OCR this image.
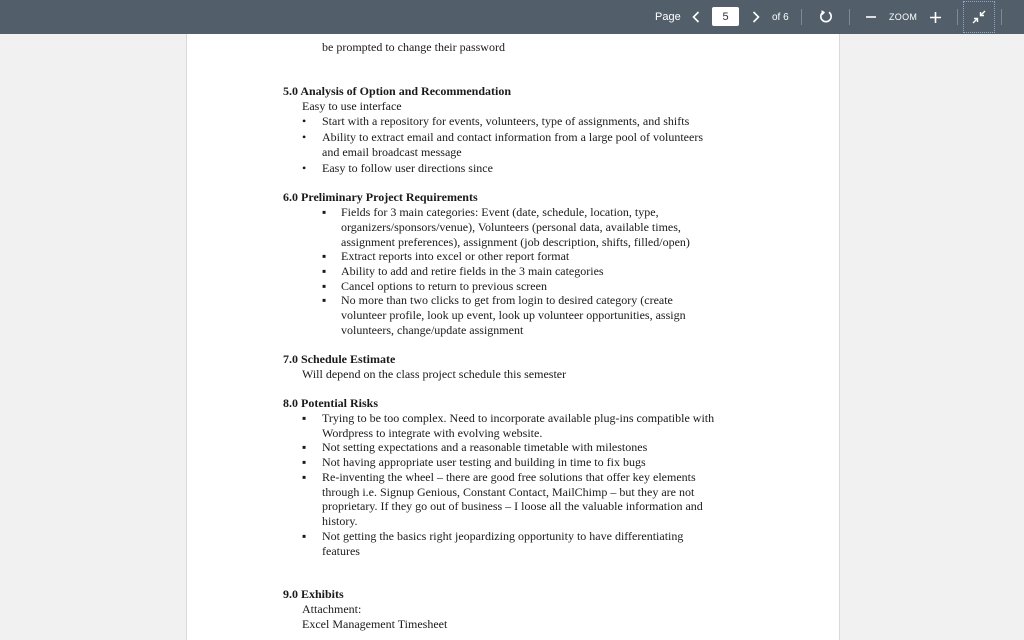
Page	5	of 6	ZOOM
be prompted to change their password
5.0 Analysis of Option and Recommendation
Easy to use interface
• Start with a repository for events, volunteers, type of assignments, and shifts
• Ability to extract email and contact information from a large pool of volunteers
and email broadcast message
• Easy to follow user directions since
6.0 Preliminary Project Requirements
▪ Fields for 3 main categories: Event (date, schedule, location, type,
organizers/sponsors/venue), Volunteers (personal data, available times,
assignment preferences), assignment (job description, shifts, filled/open)
▪ Extract reports into excel or other report format
▪ Ability to add and retire fields in the 3 main categories
▪ Cancel options to return to previous screen
▪ No more than two clicks to get from login to desired category (create
volunteer profile, look up event, look up volunteer opportunities, assign
volunteers, change/update assignment
7.0 Schedule Estimate
Will depend on the class project schedule this semester
8.0 Potential Risks
▪ Trying to be too complex. Need to incorporate available plug-ins compatible with
Wordpress to integrate with evolving website.
▪ Not setting expectations and a reasonable timetable with milestones
▪ Not having appropriate user testing and building in time to fix bugs
▪ Re-inventing the wheel – there are good free solutions that offer key elements
through i.e. Signup Genious, Constant Contact, MailChimp – but they are not
proprietary. If they go out of business – I loose all the valuable information and
history.
▪ Not getting the basics right jeopardizing opportunity to have differentiating
features
9.0 Exhibits
Attachment:
Excel Management Timesheet
